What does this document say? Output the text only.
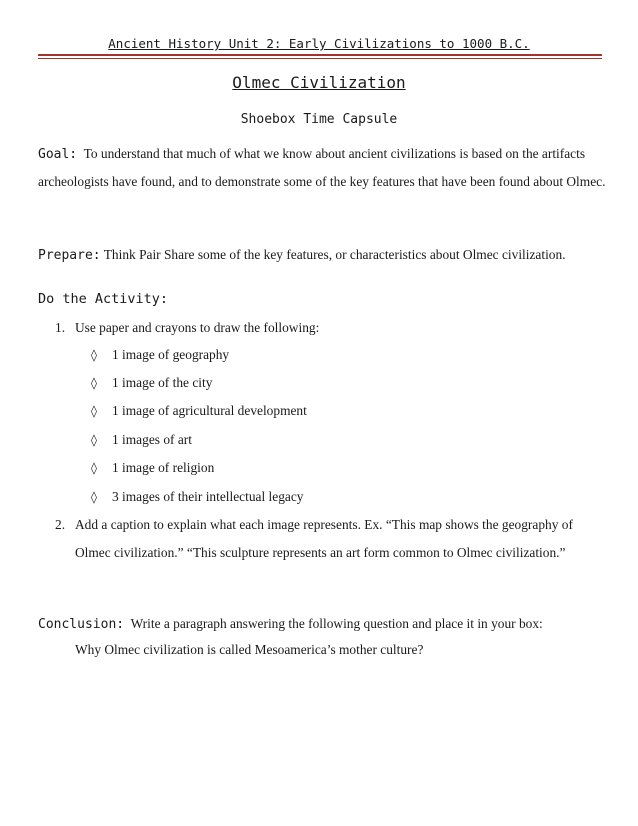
Ancient History Unit 2: Early Civilizations to 1000 B.C.
Olmec Civilization
Shoebox Time Capsule
Goal: To understand that much of what we know about ancient civilizations is based on the artifacts archeologists have found, and to demonstrate some of the key features that have been found about Olmec.
Prepare: Think Pair Share some of the key features, or characteristics about Olmec civilization.
Do the Activity:
1. Use paper and crayons to draw the following:
◊ 1 image of geography
◊ 1 image of the city
◊ 1 image of agricultural development
◊ 1 images of art
◊ 1 image of religion
◊ 3 images of their intellectual legacy
2. Add a caption to explain what each image represents. Ex. “This map shows the geography of Olmec civilization.” “This sculpture represents an art form common to Olmec civilization.”
Conclusion: Write a paragraph answering the following question and place it in your box:
Why Olmec civilization is called Mesoamerica’s mother culture?
